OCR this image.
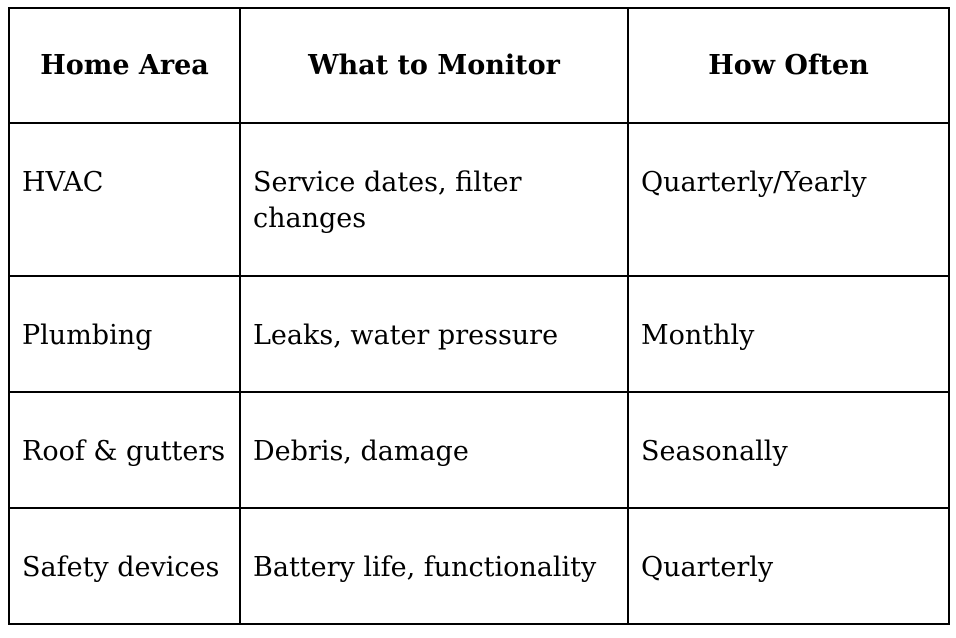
Home Area	What to Monitor	How Often
HVAC	Service dates, filter changes	Quarterly/Yearly
Plumbing	Leaks, water pressure	Monthly
Roof & gutters	Debris, damage	Seasonally
Safety devices	Battery life, functionality	Quarterly
